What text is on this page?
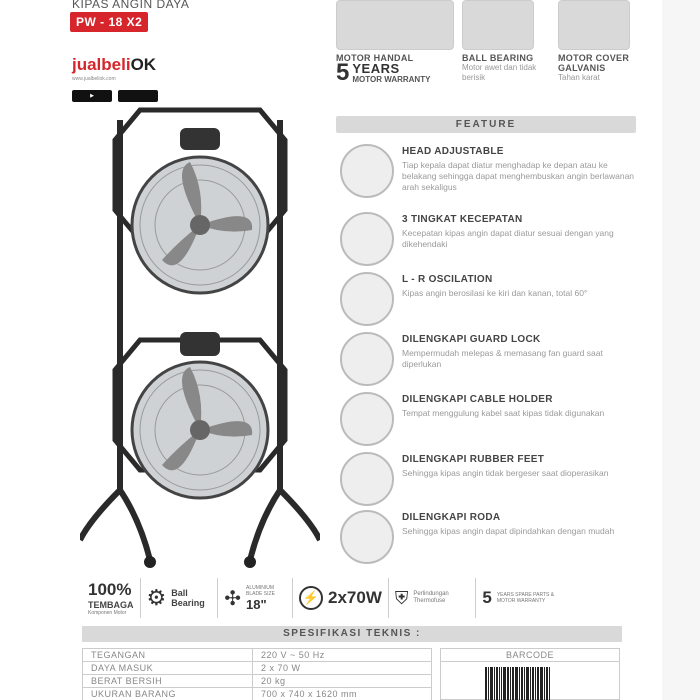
KIPAS ANGIN DAYA
PW - 18 X2
jualbeliOK
www.jualbeliok.com
▶
MOTOR HANDAL
5 YEARS
MOTOR WARRANTY
BALL BEARING
Motor awet dan tidak berisik
MOTOR COVER GALVANIS
Tahan karat
FEATURE
HEAD ADJUSTABLE
Tiap kepala dapat diatur menghadap ke depan atau ke belakang sehingga dapat menghembuskan angin berlawanan arah sekaligus
3 TINGKAT KECEPATAN
Kecepatan kipas angin dapat diatur sesuai dengan yang dikehendaki
L - R OSCILATION
Kipas angin berosilasi ke kiri dan kanan, total 60°
DILENGKAPI GUARD LOCK
Mempermudah melepas & memasang fan guard saat diperlukan
DILENGKAPI CABLE HOLDER
Tempat menggulung kabel saat kipas tidak digunakan
DILENGKAPI RUBBER FEET
Sehingga kipas angin tidak bergeser saat dioperasikan
DILENGKAPI RODA
Sehingga kipas angin dapat dipindahkan dengan mudah
100%
TEMBAGA
Komponen Motor
⚙ Ball Bearing ✣ ALUMINIUM BLADE SIZE
18"	⚡ 2x70W ⛨ Perlindungan Thermofuse	5 YEARS SPARE PARTS & MOTOR WARRANTY
SPESIFIKASI TEKNIS :
TEGANGAN	220 V ~ 50 Hz
DAYA MASUK	2 x 70 W
BERAT BERSIH	20 kg
UKURAN BARANG	700 x 740 x 1620 mm
BARCODE
